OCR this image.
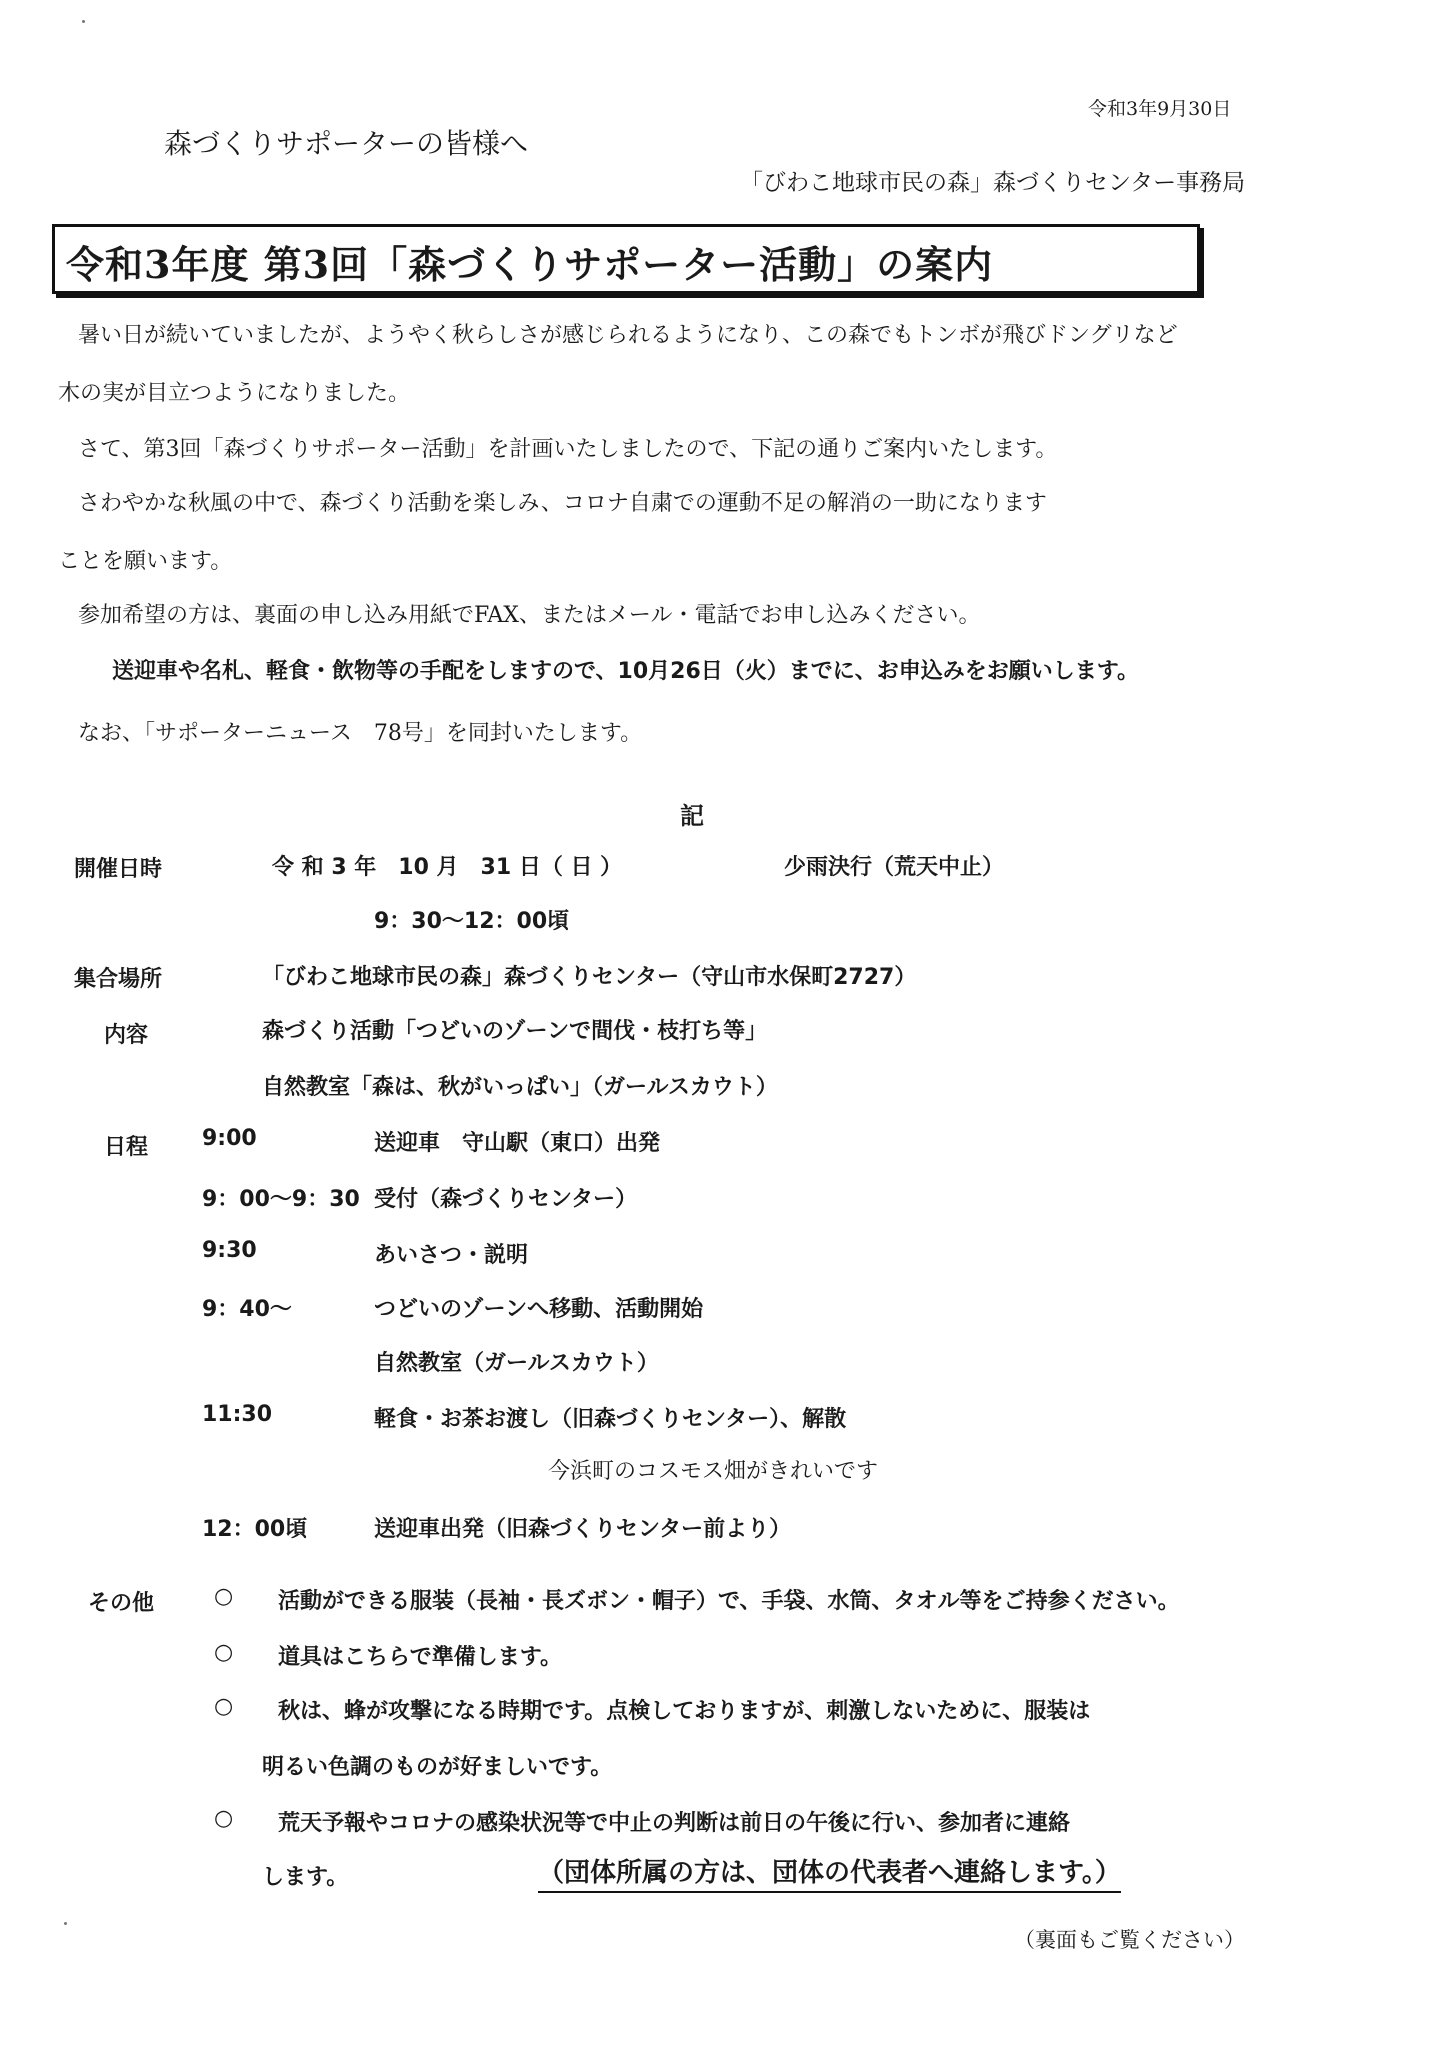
令和3年9月30日
森づくりサポーターの皆様へ
「びわこ地球市民の森」森づくりセンター事務局
令和3年度 第3回「森づくりサポーター活動」の案内
暑い日が続いていましたが、ようやく秋らしさが感じられるようになり、この森でもトンボが飛びドングリなど
木の実が目立つようになりました。
さて、第3回「森づくりサポーター活動」を計画いたしましたので、下記の通りご案内いたします。
さわやかな秋風の中で、森づくり活動を楽しみ、コロナ自粛での運動不足の解消の一助になります
ことを願います。
参加希望の方は、裏面の申し込み用紙でFAX、またはメール・電話でお申し込みください。
送迎車や名札、軽食・飲物等の手配をしますので、10月26日（火）までに、お申込みをお願いします。
なお、「サポーターニュース　78号」を同封いたします。
記
開催日時	令 和 3 年　10 月　31 日（ 日 ）	少雨決行（荒天中止）
9：30～12：00頃
集合場所	「びわこ地球市民の森」森づくりセンター（守山市水保町2727）
内容	森づくり活動「つどいのゾーンで間伐・枝打ち等」
自然教室「森は、秋がいっぱい」（ガールスカウト）
日程 9:00	送迎車　守山駅（東口）出発
9：00～9：30 受付（森づくりセンター）
9:30	あいさつ・説明
9：40～	つどいのゾーンへ移動、活動開始
自然教室（ガールスカウト）
11:30	軽食・お茶お渡し（旧森づくりセンター）、解散
今浜町のコスモス畑がきれいです
12：00頃	送迎車出発（旧森づくりセンター前より）
その他	○ 活動ができる服装（長袖・長ズボン・帽子）で、手袋、水筒、タオル等をご持参ください。
○ 道具はこちらで準備します。
○ 秋は、蜂が攻撃になる時期です。点検しておりますが、刺激しないために、服装は
明るい色調のものが好ましいです。
○ 荒天予報やコロナの感染状況等で中止の判断は前日の午後に行い、参加者に連絡
します。	（団体所属の方は、団体の代表者へ連絡します。）
（裏面もご覧ください）
